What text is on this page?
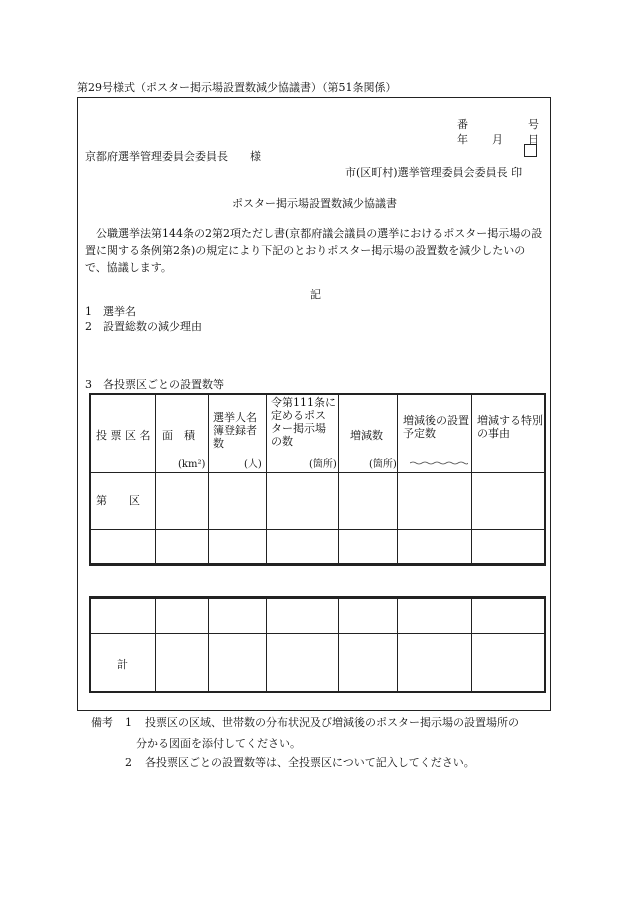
第29号様式（ポスター掲示場設置数減少協議書）（第51条関係）
番	号
年 月 日
京都府選挙管理委員会委員長　　様
市(区町村)選挙管理委員会委員長 印
ポスター掲示場設置数減少協議書
公職選挙法第144条の2第2項ただし書(京都府議会議員の選挙におけるポスター掲示場の設置に関する条例第2条)の規定により下記のとおりポスター掲示場の設置数を減少したいので、協議します。
記
1　 選挙名
2　 設置総数の減少理由
3　 各投票区ごとの設置数等
投 票 区 名 面　積
(km²)
選挙人名簿登録者数
(人)
令第111条に定めるポスター掲示場の数
(箇所)
増減数
(箇所)
増減後の設置予定数
増減する特別の事由
第　　区
計
備考 1 投票区の区域、世帯数の分布状況及び増減後のポスター掲示場の設置場所の
分かる図面を添付してください。
2 各投票区ごとの設置数等は、全投票区について記入してください。
